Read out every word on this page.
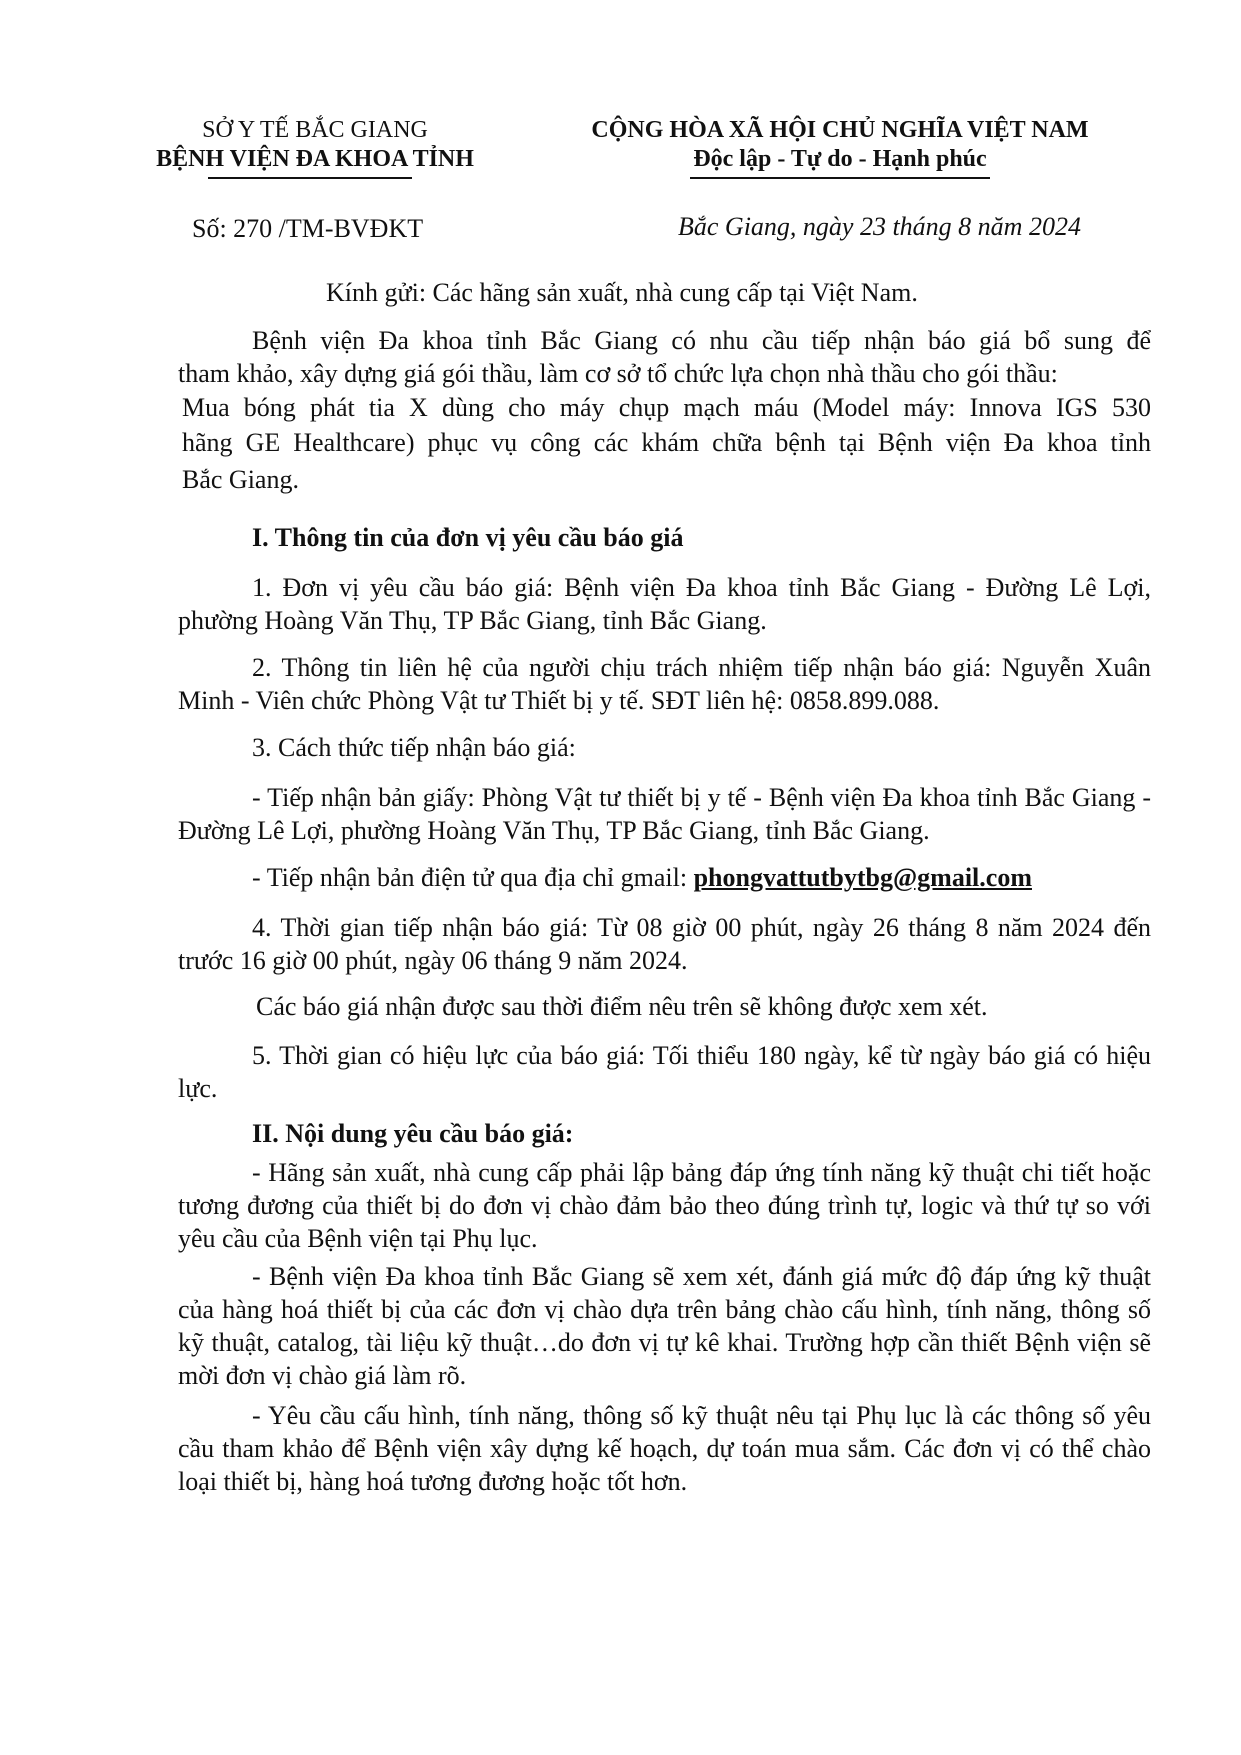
SỞ Y TẾ BẮC GIANG
BỆNH VIỆN ĐA KHOA TỈNH
CỘNG HÒA XÃ HỘI CHỦ NGHĨA VIỆT NAM
Độc lập - Tự do - Hạnh phúc
Số: 270 /TM-BVĐKT	Bắc Giang, ngày 23 tháng 8 năm 2024
Kính gửi: Các hãng sản xuất, nhà cung cấp tại Việt Nam.
Bệnh viện Đa khoa tỉnh Bắc Giang có nhu cầu tiếp nhận báo giá bổ sung để
tham khảo, xây dựng giá gói thầu, làm cơ sở tổ chức lựa chọn nhà thầu cho gói thầu:
Mua bóng phát tia X dùng cho máy chụp mạch máu (Model máy: Innova IGS 530
hãng GE Healthcare) phục vụ công các khám chữa bệnh tại Bệnh viện Đa khoa tỉnh
Bắc Giang.
I. Thông tin của đơn vị yêu cầu báo giá

1. Đơn vị yêu cầu báo giá: Bệnh viện Đa khoa tỉnh Bắc Giang - Đường Lê Lợi, phường Hoàng Văn Thụ, TP Bắc Giang, tỉnh Bắc Giang.

2. Thông tin liên hệ của người chịu trách nhiệm tiếp nhận báo giá: Nguyễn Xuân Minh - Viên chức Phòng Vật tư Thiết bị y tế. SĐT liên hệ: 0858.899.088.

3. Cách thức tiếp nhận báo giá:

- Tiếp nhận bản giấy: Phòng Vật tư thiết bị y tế - Bệnh viện Đa khoa tỉnh Bắc Giang - Đường Lê Lợi, phường Hoàng Văn Thụ, TP Bắc Giang, tỉnh Bắc Giang.

- Tiếp nhận bản điện tử qua địa chỉ gmail: phongvattutbytbg@gmail.com

4. Thời gian tiếp nhận báo giá: Từ 08 giờ 00 phút, ngày 26 tháng 8 năm 2024 đến trước 16 giờ 00 phút, ngày 06 tháng 9 năm 2024.

Các báo giá nhận được sau thời điểm nêu trên sẽ không được xem xét.

5. Thời gian có hiệu lực của báo giá: Tối thiểu 180 ngày, kể từ ngày báo giá có hiệu lực.

II. Nội dung yêu cầu báo giá:

- Hãng sản xuất, nhà cung cấp phải lập bảng đáp ứng tính năng kỹ thuật chi tiết hoặc tương đương của thiết bị do đơn vị chào đảm bảo theo đúng trình tự, logic và thứ tự so với yêu cầu của Bệnh viện tại Phụ lục.

- Bệnh viện Đa khoa tỉnh Bắc Giang sẽ xem xét, đánh giá mức độ đáp ứng kỹ thuật của hàng hoá thiết bị của các đơn vị chào dựa trên bảng chào cấu hình, tính năng, thông số kỹ thuật, catalog, tài liệu kỹ thuật…do đơn vị tự kê khai. Trường hợp cần thiết Bệnh viện sẽ mời đơn vị chào giá làm rõ.

- Yêu cầu cấu hình, tính năng, thông số kỹ thuật nêu tại Phụ lục là các thông số yêu cầu tham khảo để Bệnh viện xây dựng kế hoạch, dự toán mua sắm. Các đơn vị có thể chào loại thiết bị, hàng hoá tương đương hoặc tốt hơn.
